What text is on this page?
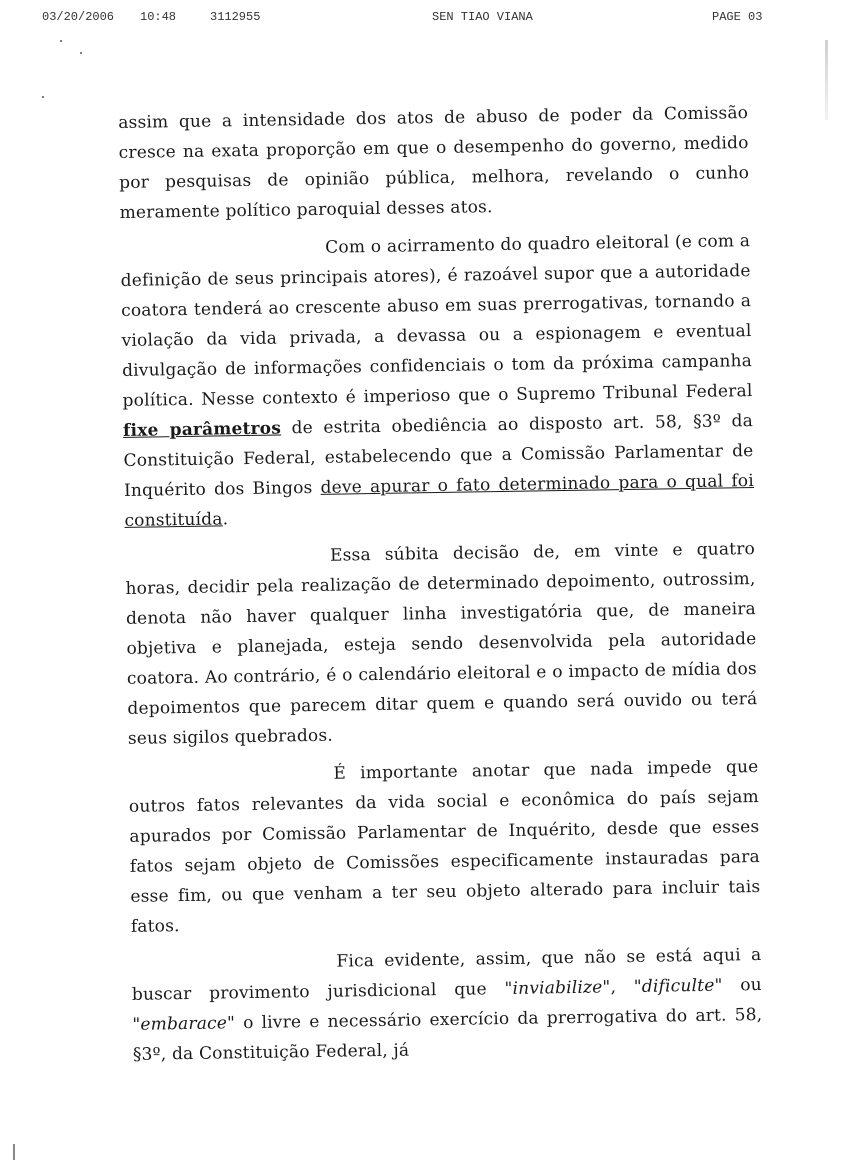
03/20/2006 10:48	3112955	SEN TIAO VIANA	PAGE 03

assim que a intensidade dos atos de abuso de poder da Comissão cresce na exata proporção em que o desempenho do governo, medido por pesquisas de opinião pública, melhora, revelando o cunho meramente político paroquial desses atos.

Com o acirramento do quadro eleitoral (e com a definição de seus principais atores), é razoável supor que a autoridade coatora tenderá ao crescente abuso em suas prerrogativas, tornando a violação da vida privada, a devassa ou a espionagem e eventual divulgação de informações confidenciais o tom da próxima campanha política. Nesse contexto é imperioso que o Supremo Tribunal Federal fixe parâmetros de estrita obediência ao disposto art. 58, §3º da Constituição Federal, estabelecendo que a Comissão Parlamentar de Inquérito dos Bingos deve apurar o fato determinado para o qual foi constituída.

Essa súbita decisão de, em vinte e quatro horas, decidir pela realização de determinado depoimento, outrossim, denota não haver qualquer linha investigatória que, de maneira objetiva e planejada, esteja sendo desenvolvida pela autoridade coatora. Ao contrário, é o calendário eleitoral e o impacto de mídia dos depoimentos que parecem ditar quem e quando será ouvido ou terá seus sigilos quebrados.

É importante anotar que nada impede que outros fatos relevantes da vida social e econômica do país sejam apurados por Comissão Parlamentar de Inquérito, desde que esses fatos sejam objeto de Comissões especificamente instauradas para esse fim, ou que venham a ter seu objeto alterado para incluir tais fatos.

Fica evidente, assim, que não se está aqui a buscar provimento jurisdicional que "inviabilize", "dificulte" ou "embarace" o livre e necessário exercício da prerrogativa do art. 58, §3º, da Constituição Federal, já
